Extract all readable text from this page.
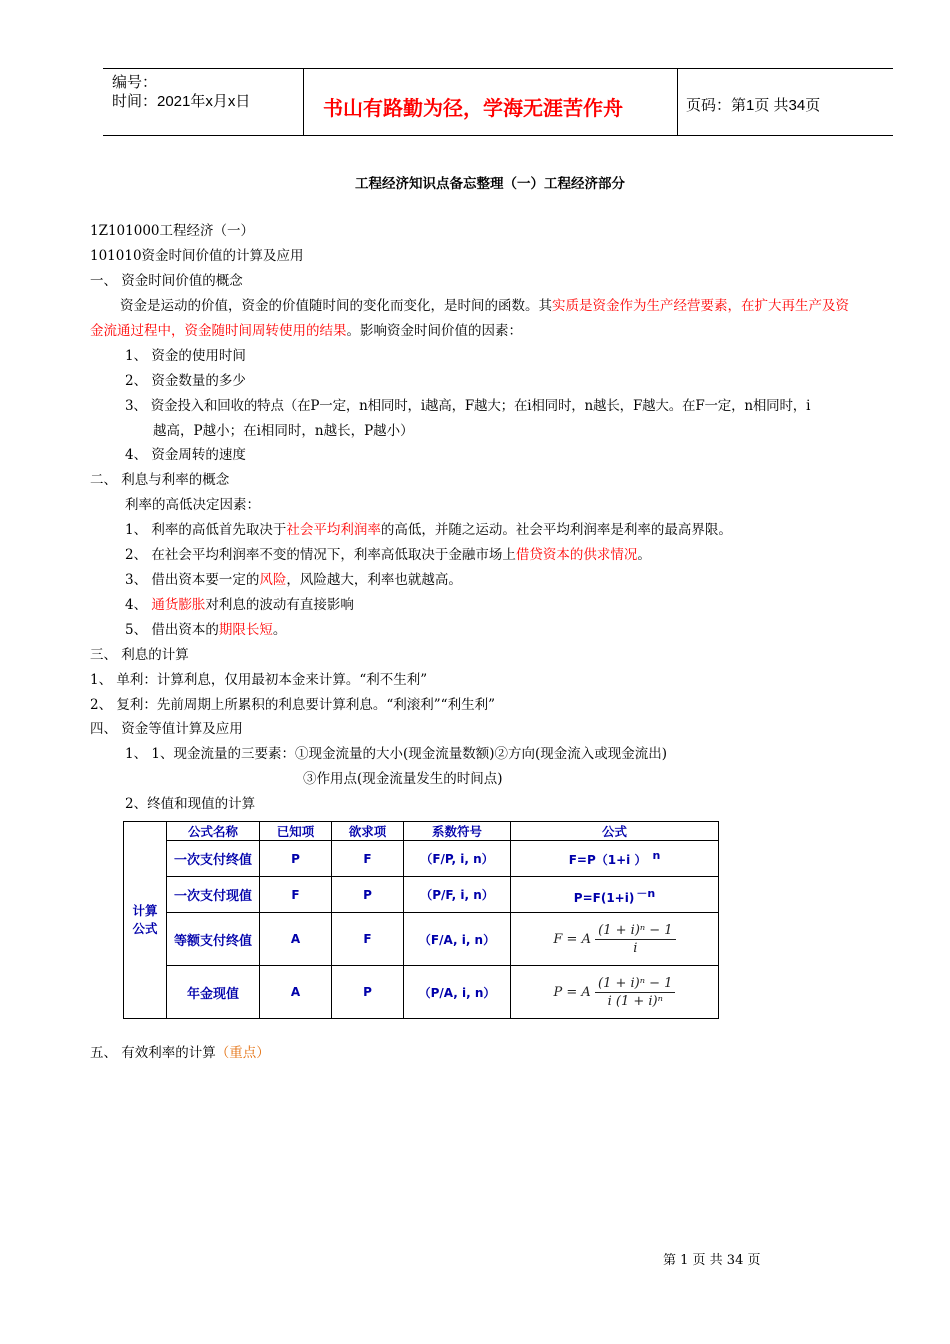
编号：
时间：2021年x月x日	书山有路勤为径，学海无涯苦作舟	页码：第1页 共34页
工程经济知识点备忘整理（一）工程经济部分
1Z101000工程经济（一）
101010资金时间价值的计算及应用
一、 资金时间价值的概念
资金是运动的价值，资金的价值随时间的变化而变化，是时间的函数。其实质是资金作为生产经营要素，在扩大再生产及资
金流通过程中，资金随时间周转使用的结果。影响资金时间价值的因素：
1、 资金的使用时间
2、 资金数量的多少
3、 资金投入和回收的特点（在P一定，n相同时，i越高，F越大；在i相同时，n越长，F越大。在F一定，n相同时，i
越高，P越小；在i相同时，n越长，P越小）
4、 资金周转的速度
二、 利息与利率的概念
利率的高低决定因素：
1、 利率的高低首先取决于社会平均利润率的高低，并随之运动。社会平均利润率是利率的最高界限。
2、 在社会平均利润率不变的情况下，利率高低取决于金融市场上借贷资本的供求情况。
3、 借出资本要一定的风险，风险越大，利率也就越高。
4、 通货膨胀对利息的波动有直接影响
5、 借出资本的期限长短。
三、 利息的计算
1、 单利：计算利息，仅用最初本金来计算。“利不生利”
2、 复利：先前周期上所累积的利息要计算利息。“利滚利”“利生利”
四、 资金等值计算及应用
1、 1、现金流量的三要素：①现金流量的大小(现金流量数额)②方向(现金流入或现金流出)
③作用点(现金流量发生的时间点)
2、终值和现值的计算
计算公式	公式名称	已知项	欲求项	系数符号	公式
	一次支付终值	P	F	（F/P, i, n）	F=P（1+i ） $^n$
	一次支付现值	F	P	（P/F, i, n）	P=F(1+i) $^{-n}$
	等额支付终值	A	F	（F/A, i, n）	F = A $\frac{\text{(1 + i)ⁿ − 1}}{i}$

	年金现值	A	P	（P/A, i, n）	P = A $\frac{\text{(1 + i)ⁿ − 1}}{\text{i (1 + i)ⁿ}}$
五、 有效利率的计算（重点）
第 1 页 共 34 页
